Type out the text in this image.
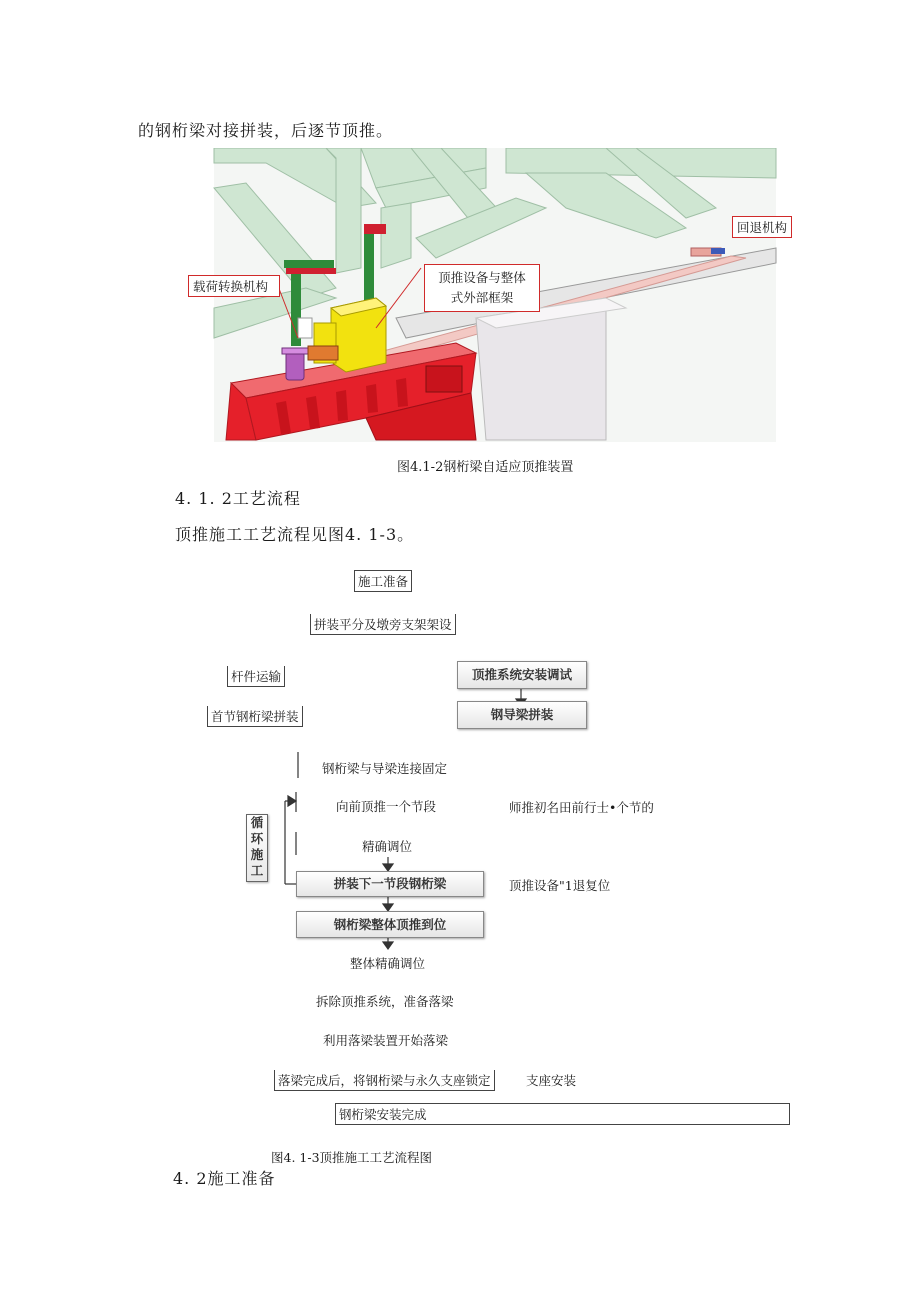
的钢桁梁对接拼装，后逐节顶推。
回退机构
载荷转换机构
顶推设备与整体
式外部框架
图4.1-2钢桁梁自适应顶推装置
4. 1. 2工艺流程
顶推施工工艺流程见图4. 1-3。
施工准备
拼装平分及墩旁支架架设
杆件运输	顶推系统安装调试
首节钢桁梁拼装	钢导梁拼装
钢桁梁与导梁连接固定
向前顶推一个节段	师推初名田前行士•个节的
循
环
施
工
精确调位
拼装下一节段钢桁梁	顶推设备"1退复位
钢桁梁整体顶推到位
整体精确调位
拆除顶推系统，准备落梁
利用落梁装置开始落梁
落梁完成后，将钢桁梁与永久支座锁定	支座安装
钢桁梁安装完成
图4. 1-3顶推施工工艺流程图
4. 2施工准备
